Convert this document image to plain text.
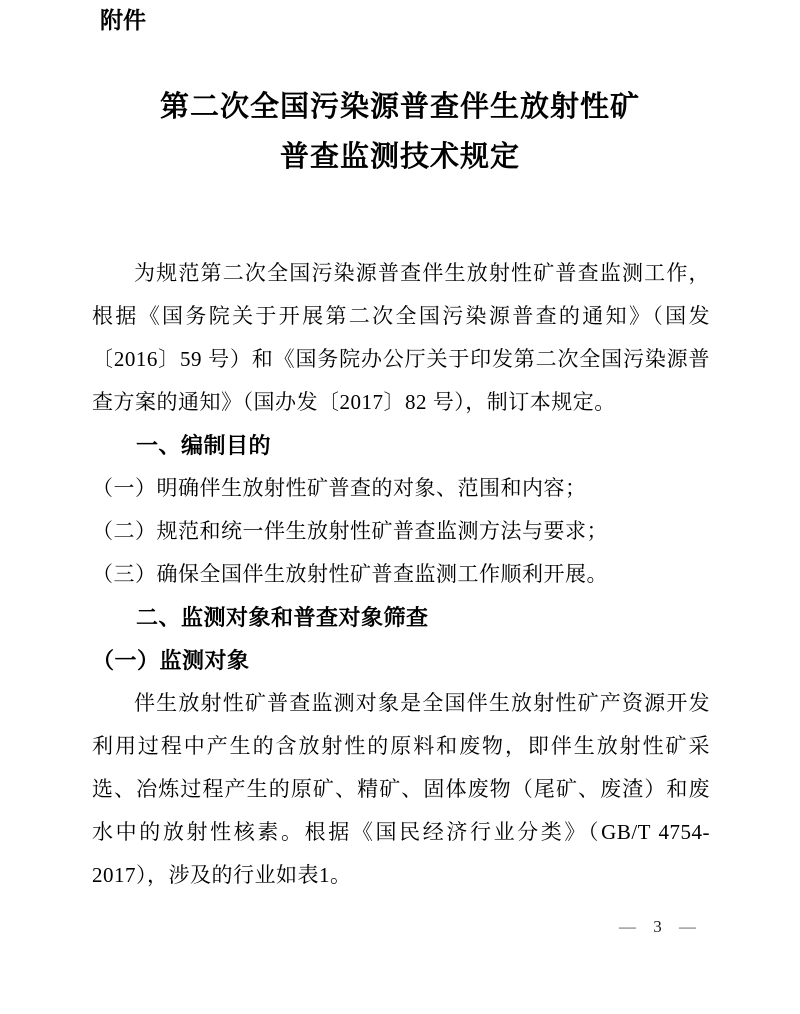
附件
第二次全国污染源普查伴生放射性矿
普查监测技术规定

为规范第二次全国污染源普查伴生放射性矿普查监测工作，根据《国务院关于开展第二次全国污染源普查的通知》（国发〔2016〕59 号）和《国务院办公厅关于印发第二次全国污染源普查方案的通知》（国办发〔2017〕82 号），制订本规定。

一、编制目的

（一）明确伴生放射性矿普查的对象、范围和内容；

（二）规范和统一伴生放射性矿普查监测方法与要求；

（三）确保全国伴生放射性矿普查监测工作顺利开展。

二、监测对象和普查对象筛查

（一）监测对象

伴生放射性矿普查监测对象是全国伴生放射性矿产资源开发利用过程中产生的含放射性的原料和废物，即伴生放射性矿采选、冶炼过程产生的原矿、精矿、固体废物（尾矿、废渣）和废水中的放射性核素。根据《国民经济行业分类》（GB/T 4754-2017），涉及的行业如表1。

— 3 —
